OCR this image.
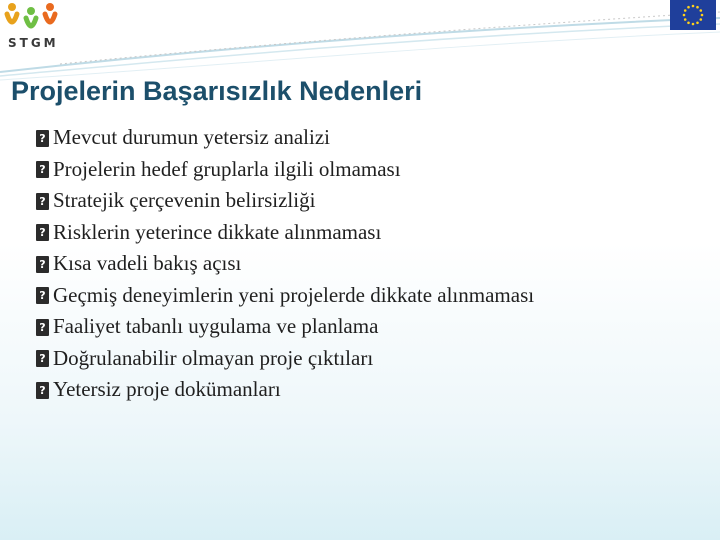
STGM
Projelerin Başarısızlık Nedenleri
? Mevcut durumun yetersiz analizi
? Projelerin hedef gruplarla ilgili olmaması
? Stratejik çerçevenin belirsizliği
? Risklerin yeterince dikkate alınmaması
? Kısa vadeli bakış açısı
? Geçmiş deneyimlerin yeni projelerde dikkate alınmaması
? Faaliyet tabanlı uygulama ve planlama
? Doğrulanabilir olmayan proje çıktıları
? Yetersiz proje dokümanları
